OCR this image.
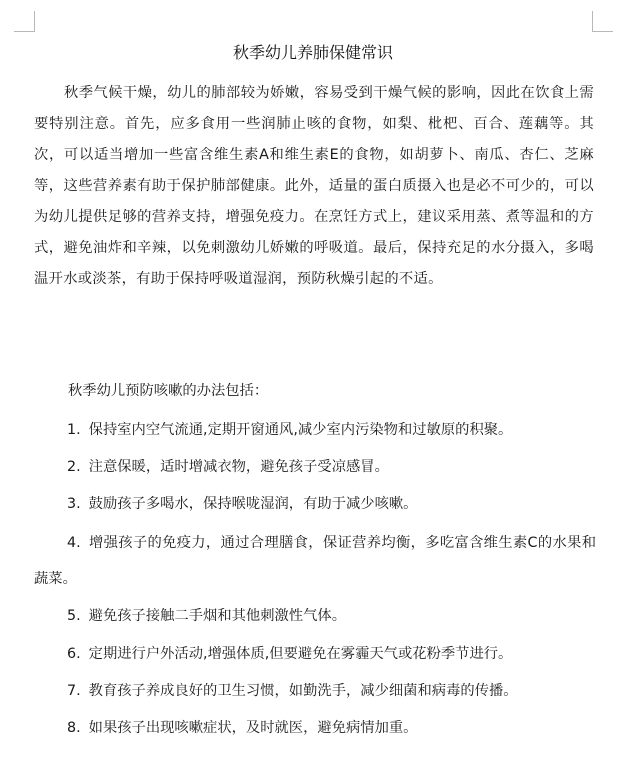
秋季幼儿养肺保健常识

秋季气候干燥，幼儿的肺部较为娇嫩，容易受到干燥气候的影响，因此在饮食上需要特别注意。首先，应多食用一些润肺止咳的食物，如梨、枇杷、百合、莲藕等。其次，可以适当增加一些富含维生素A和维生素E的食物，如胡萝卜、南瓜、杏仁、芝麻等，这些营养素有助于保护肺部健康。此外，适量的蛋白质摄入也是必不可少的，可以为幼儿提供足够的营养支持，增强免疫力。在烹饪方式上，建议采用蒸、煮等温和的方式，避免油炸和辛辣，以免刺激幼儿娇嫩的呼吸道。最后，保持充足的水分摄入，多喝温开水或淡茶，有助于保持呼吸道湿润，预防秋燥引起的不适。

秋季幼儿预防咳嗽的办法包括：

1. 保持室内空气流通,定期开窗通风,减少室内污染物和过敏原的积聚。

2. 注意保暖，适时增减衣物，避免孩子受凉感冒。

3. 鼓励孩子多喝水，保持喉咙湿润，有助于减少咳嗽。

4. 增强孩子的免疫力，通过合理膳食，保证营养均衡，多吃富含维生素C的水果和蔬菜。

5. 避免孩子接触二手烟和其他刺激性气体。

6. 定期进行户外活动,增强体质,但要避免在雾霾天气或花粉季节进行。

7. 教育孩子养成良好的卫生习惯，如勤洗手，减少细菌和病毒的传播。

8. 如果孩子出现咳嗽症状，及时就医，避免病情加重。
